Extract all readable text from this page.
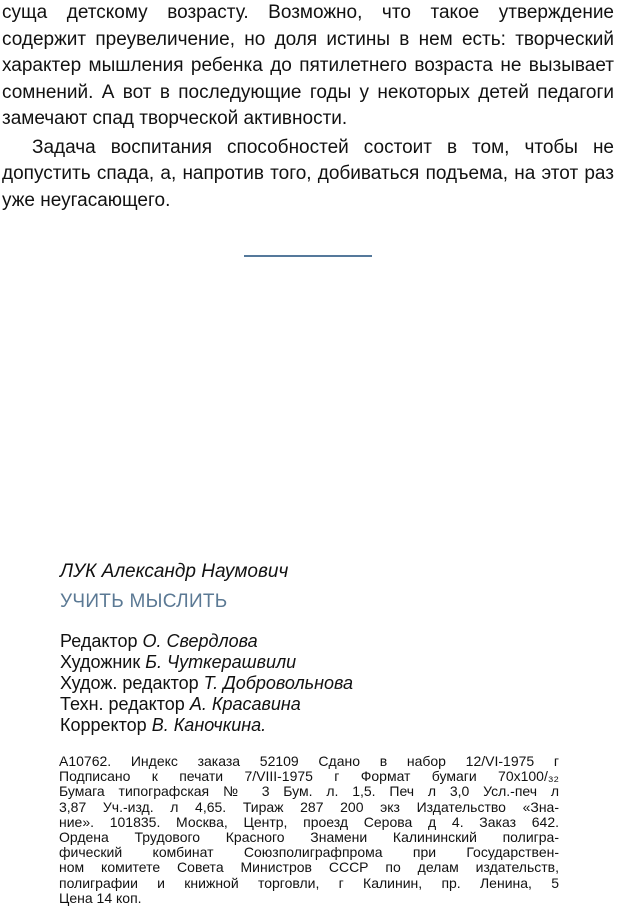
суща детскому возрасту. Возможно, что такое утверждение содержит преувеличение, но доля истины в нем есть: творческий характер мышления ребенка до пятилетнего возраста не вызывает сомнений. А вот в последующие годы у некоторых детей педагоги замечают спад творческой активности.

Задача воспитания способностей состоит в том, чтобы не допустить спада, а, напротив того, добиваться подъема, на этот раз уже неугасающего.

ЛУК Александр Наумович

УЧИТЬ МЫСЛИТЬ

Редактор О. Свердлова
Художник Б. Чуткерашвили
Худож. редактор Т. Добровольнова
Техн. редактор А. Красавина
Корректор В. Каночкина.
А10762. Индекс заказа 52109 Сдано в набор 12/VI-1975 г
Подписано к печати 7/VIII-1975 г Формат бумаги 70x100/₃₂
Бумага типографская № 3 Бум. л. 1,5. Печ л 3,0 Усл.-печ л
3,87 Уч.-изд. л 4,65. Тираж 287 200 экз Издательство «Зна-
ние». 101835. Москва, Центр, проезд Серова д 4. Заказ 642.
Ордена Трудового Красного Знамени Калининский полигра-
фический комбинат Союзполиграфпрома при Государствен-
ном комитете Совета Министров СССР по делам издательств,
полиграфии и книжной торговли, г Калинин, пр. Ленина, 5
Цена 14 коп.
